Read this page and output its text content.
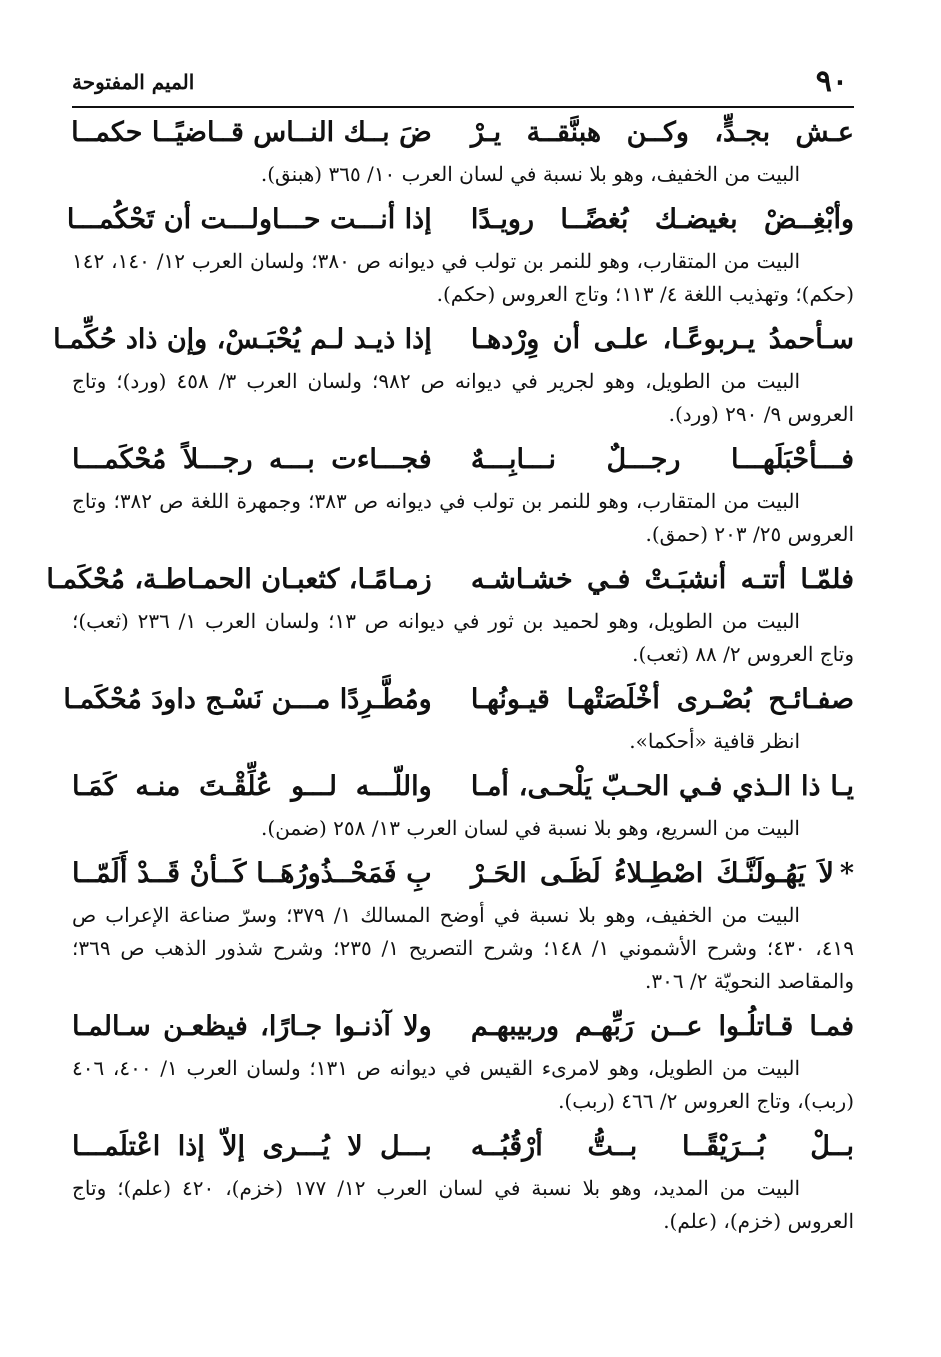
٩٠
الميم المفتوحة
عـش بجـدٍّ، وكــن هبنَّقــة يـرْ
ضَ بــك النــاس قــاضيًــا حكمــا

البيت من الخفيف، وهو بلا نسبة في لسان العرب ١٠/ ٣٦٥ (هبنق).

وأبْغِــضْ بغيضـك بُغضًــا رويـدًا
إذا أنـــت حـــاولـــت أن تَحْكُمـــا

البيت من المتقارب، وهو للنمر بن تولب في ديوانه ص ٣٨٠؛ ولسان العرب ١٢/ ١٤٠، ١٤٢ (حكم)؛ وتهذيب اللغة ٤/ ١١٣؛ وتاج العروس (حكم).

سـأحمدُ يـربوعًـا، علـى أن وِرْدهـا
إذا ذيـد لـم يُحْبَـسْ، وإن ذاد حُكِّمـا

البيت من الطويل، وهو لجرير في ديوانه ص ٩٨٢؛ ولسان العرب ٣/ ٤٥٨ (ورد)؛ وتاج العروس ٩/ ٢٩٠ (ورد).

فـــأحْبَلَهـــا رجـــلٌ نـــابِـــهٌ
فجـــاءت بـــه رجـــلاً مُحْكَمـــا

البيت من المتقارب، وهو للنمر بن تولب في ديوانه ص ٣٨٣؛ وجمهرة اللغة ص ٣٨٢؛ وتاج العروس ٢٥/ ٢٠٣ (حمق).

فلمّـا أتتـه أنشبَـتْ فـي خشـاشـه
زمـامًـا، كثعبـان الحمـاطـة، مُحْكَمـا

البيت من الطويل، وهو لحميد بن ثور في ديوانه ص ١٣؛ ولسان العرب ١/ ٢٣٦ (ثعب)؛ وتاج العروس ٢/ ٨٨ (ثعب).

صفـائـح بُصْـرى أخْلَصَتْهـا قيـونُهـا
ومُطَّـرِدًا مـــن نَسْـج داودَ مُحْكَمـا

انظر قافية «أحكما».

يـا ذا الـذي فـي الحـبّ يَلْحـى، أمـا
واللّـــه لـــو عُلِّقْـتَ منـه كَمَـا

البيت من السريع، وهو بلا نسبة في لسان العرب ١٣/ ٢٥٨ (ضمن).

*لاَ يَهُـولَنَّـكَ اصْطِـلاءُ لَظَـى الحَـرْ
بِ فَمَحْــذُورُهَــا كَــأنْ قَــدْ أَلَمّــا

البيت من الخفيف، وهو بلا نسبة في أوضح المسالك ١/ ٣٧٩؛ وسرّ صناعة الإعراب ص ٤١٩، ٤٣٠؛ وشرح الأشموني ١/ ١٤٨؛ وشرح التصريح ١/ ٢٣٥؛ وشرح شذور الذهب ص ٣٦٩؛ والمقاصد النحويّة ٢/ ٣٠٦.

فمـا قـاتلُـوا عــن رَبِّهـم وربيبهـم
ولا آذنـوا جـارًا، فيظعـن سـالمـا

البيت من الطويل، وهو لامرىء القيس في ديوانه ص ١٣١؛ ولسان العرب ١/ ٤٠٠، ٤٠٦ (ربب)، وتاج العروس ٢/ ٤٦٦ (ربب).

بــلْ بُــرَيْقًــا بــتُّ أرْقُبُــه
بـــل لا يُـــرى إلاّ إذا اعْتلَمـــا

البيت من المديد، وهو بلا نسبة في لسان العرب ١٢/ ١٧٧ (خزم)، ٤٢٠ (علم)؛ وتاج العروس (خزم)، (علم).
